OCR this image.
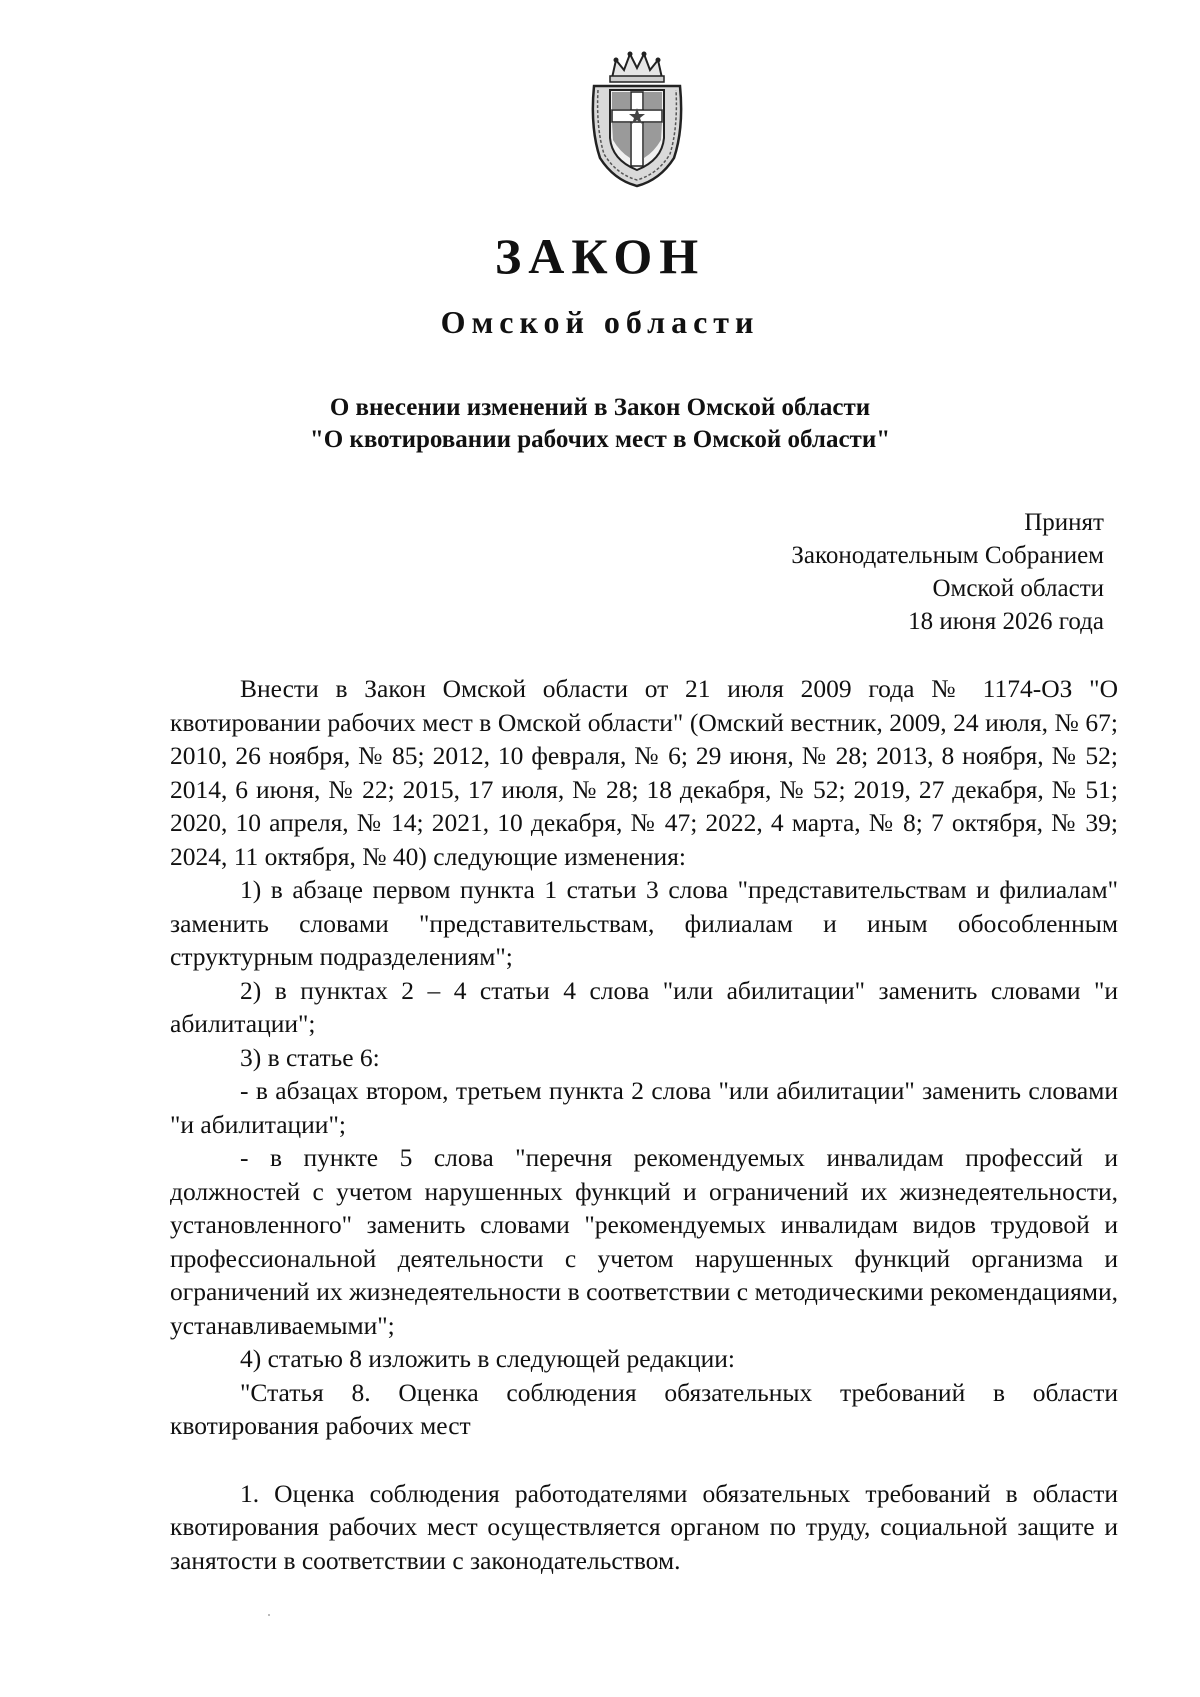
ЗАКОН
Омской области
О внесении изменений в Закон Омской области
"О квотировании рабочих мест в Омской области"
Принят
Законодательным Собранием
Омской области
18 июня 2026 года

Внести в Закон Омской области от 21 июля 2009 года № 1174-ОЗ "О квотировании рабочих мест в Омской области" (Омский вестник, 2009, 24 июля, № 67; 2010, 26 ноября, № 85; 2012, 10 февраля, № 6; 29 июня, № 28; 2013, 8 ноября, № 52; 2014, 6 июня, № 22; 2015, 17 июля, № 28; 18 декабря, № 52; 2019, 27 декабря, № 51; 2020, 10 апреля, № 14; 2021, 10 декабря, № 47; 2022, 4 марта, № 8; 7 октября, № 39; 2024, 11 октября, № 40) следующие изменения:

1) в абзаце первом пункта 1 статьи 3 слова "представительствам и филиалам" заменить словами "представительствам, филиалам и иным обособленным структурным подразделениям";

2) в пунктах 2 – 4 статьи 4 слова "или абилитации" заменить словами "и абилитации";

3) в статье 6:

- в абзацах втором, третьем пункта 2 слова "или абилитации" заменить словами "и абилитации";

- в пункте 5 слова "перечня рекомендуемых инвалидам профессий и должностей с учетом нарушенных функций и ограничений их жизнедеятельности, установленного" заменить словами "рекомендуемых инвалидам видов трудовой и профессиональной деятельности с учетом нарушенных функций организма и ограничений их жизнедеятельности в соответствии с методическими рекомендациями, устанавливаемыми";

4) статью 8 изложить в следующей редакции:

"Статья 8. Оценка соблюдения обязательных требований в области квотирования рабочих мест

1. Оценка соблюдения работодателями обязательных требований в области квотирования рабочих мест осуществляется органом по труду, социальной защите и занятости в соответствии с законодательством.
